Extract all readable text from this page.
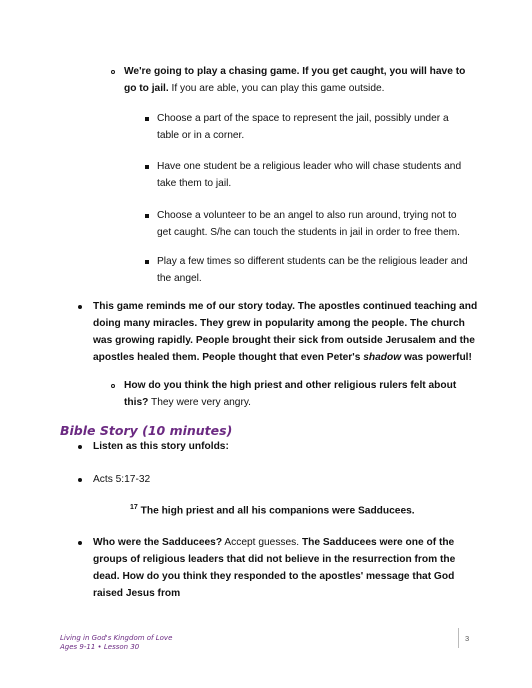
We're going to play a chasing game. If you get caught, you will have to go to jail. If you are able, you can play this game outside.
Choose a part of the space to represent the jail, possibly under a table or in a corner.
Have one student be a religious leader who will chase students and take them to jail.
Choose a volunteer to be an angel to also run around, trying not to get caught. S/he can touch the students in jail in order to free them.
Play a few times so different students can be the religious leader and the angel.
This game reminds me of our story today. The apostles continued teaching and doing many miracles. They grew in popularity among the people. The church was growing rapidly. People brought their sick from outside Jerusalem and the apostles healed them. People thought that even Peter's shadow was powerful!
How do you think the high priest and other religious rulers felt about this? They were very angry.
Bible Story (10 minutes)
Listen as this story unfolds:
Acts 5:17-32
$^{17}$ The high priest and all his companions were Sadducees.
Who were the Sadducees? Accept guesses. The Sadducees were one of the groups of religious leaders that did not believe in the resurrection from the dead. How do you think they responded to the apostles' message that God raised Jesus from
Living in God's Kingdom of Love
Ages 9-11 • Lesson 30
3
